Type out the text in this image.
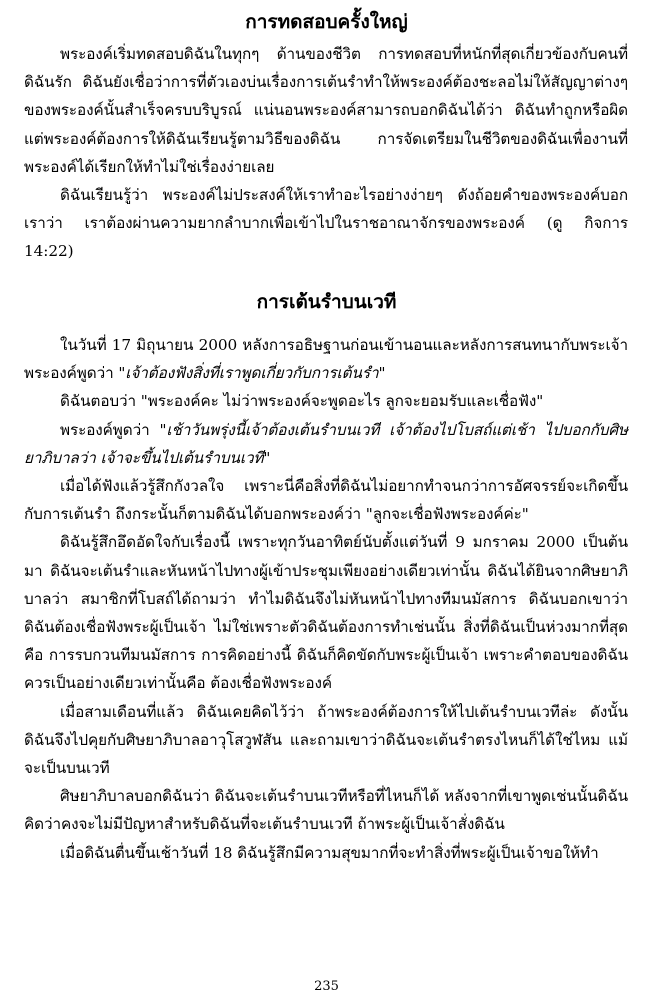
การทดสอบครั้งใหญ่

พระองค์เริ่มทดสอบดิฉันในทุกๆ ด้านของชีวิต การทดสอบที่หนักที่สุดเกี่ยวข้องกับคนที่ดิฉันรัก ดิฉันยังเชื่อว่าการที่ตัวเองบ่นเรื่องการเต้นรำทำให้พระองค์ต้องชะลอไม่ให้สัญญาต่างๆ ของพระองค์นั้นสำเร็จครบบริบูรณ์ แน่นอนพระองค์สามารถบอกดิฉันได้ว่า ดิฉันทำถูกหรือผิด แต่พระองค์ต้องการให้ดิฉันเรียนรู้ตามวิธีของดิฉัน การจัดเตรียมในชีวิตของดิฉันเพื่องานที่พระองค์ได้เรียกให้ทำไม่ใช่เรื่องง่ายเลย

ดิฉันเรียนรู้ว่า พระองค์ไม่ประสงค์ให้เราทำอะไรอย่างง่ายๆ ดังถ้อยคำของพระองค์บอกเราว่า เราต้องผ่านความยากลำบากเพื่อเข้าไปในราชอาณาจักรของพระองค์ (ดู กิจการ 14:22)

การเต้นรำบนเวที

ในวันที่ 17 มิถุนายน 2000 หลังการอธิษฐานก่อนเข้านอนและหลังการสนทนากับพระเจ้า พระองค์พูดว่า "เจ้าต้องฟังสิ่งที่เราพูดเกี่ยวกับการเต้นรำ"

ดิฉันตอบว่า "พระองค์คะ ไม่ว่าพระองค์จะพูดอะไร ลูกจะยอมรับและเชื่อฟัง"

พระองค์พูดว่า "เช้าวันพรุ่งนี้เจ้าต้องเต้นรำบนเวที เจ้าต้องไปโบสถ์แต่เช้า ไปบอกกับศิษยาภิบาลว่า เจ้าจะขึ้นไปเต้นรำบนเวที"

เมื่อได้ฟังแล้วรู้สึกกังวลใจ เพราะนี่คือสิ่งที่ดิฉันไม่อยากทำจนกว่าการอัศจรรย์จะเกิดขึ้นกับการเต้นรำ ถึงกระนั้นก็ตามดิฉันได้บอกพระองค์ว่า "ลูกจะเชื่อฟังพระองค์ค่ะ"

ดิฉันรู้สึกอึดอัดใจกับเรื่องนี้ เพราะทุกวันอาทิตย์นับตั้งแต่วันที่ 9 มกราคม 2000 เป็นต้นมา ดิฉันจะเต้นรำและหันหน้าไปทางผู้เข้าประชุมเพียงอย่างเดียวเท่านั้น ดิฉันได้ยินจากศิษยาภิบาลว่า สมาชิกที่โบสถ์ได้ถามว่า ทำไมดิฉันจึงไม่หันหน้าไปทางทีมนมัสการ ดิฉันบอกเขาว่าดิฉันต้องเชื่อฟังพระผู้เป็นเจ้า ไม่ใช่เพราะตัวดิฉันต้องการทำเช่นนั้น สิ่งที่ดิฉันเป็นห่วงมากที่สุดคือ การรบกวนทีมนมัสการ การคิดอย่างนี้ ดิฉันก็คิดขัดกับพระผู้เป็นเจ้า เพราะคำตอบของดิฉันควรเป็นอย่างเดียวเท่านั้นคือ ต้องเชื่อฟังพระองค์

เมื่อสามเดือนที่แล้ว ดิฉันเคยคิดไว้ว่า ถ้าพระองค์ต้องการให้ไปเต้นรำบนเวทีล่ะ ดังนั้นดิฉันจึงไปคุยกับศิษยาภิบาลอาวุโสวูฬสัน และถามเขาว่าดิฉันจะเต้นรำตรงไหนก็ได้ใช่ไหม แม้จะเป็นบนเวที

ศิษยาภิบาลบอกดิฉันว่า ดิฉันจะเต้นรำบนเวทีหรือที่ไหนก็ได้ หลังจากที่เขาพูดเช่นนั้นดิฉันคิดว่าคงจะไม่มีปัญหาสำหรับดิฉันที่จะเต้นรำบนเวที ถ้าพระผู้เป็นเจ้าสั่งดิฉัน

เมื่อดิฉันตื่นขึ้นเช้าวันที่ 18 ดิฉันรู้สึกมีความสุขมากที่จะทำสิ่งที่พระผู้เป็นเจ้าขอให้ทำ

235
